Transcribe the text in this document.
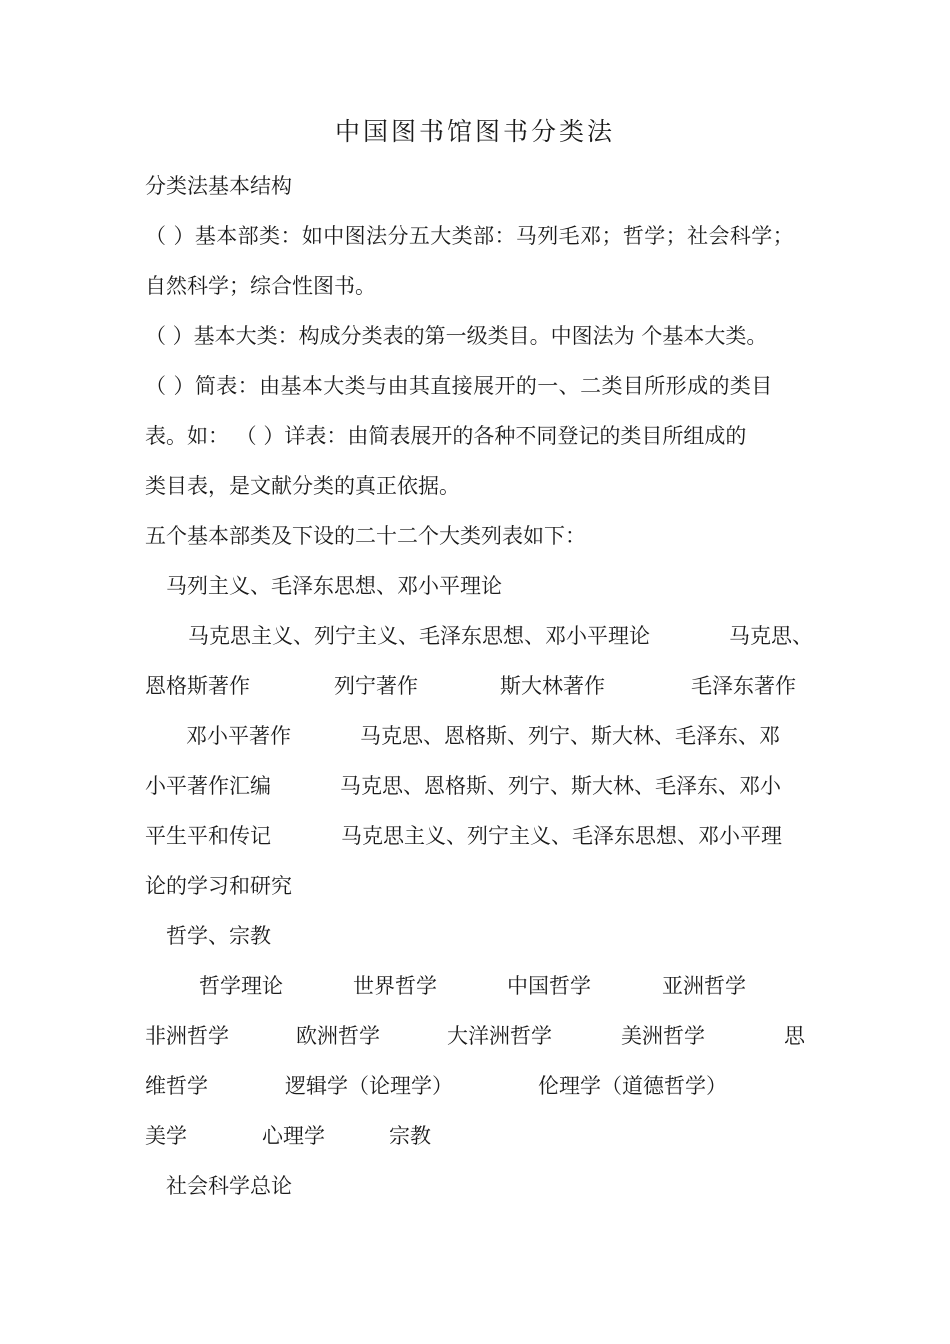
中国图书馆图书分类法
分类法基本结构
（ ）基本部类：如中图法分五大类部：马列毛邓；哲学；社会科学；
自然科学；综合性图书。
（ ）基本大类：构成分类表的第一级类目。中图法为 个基本大类。
（ ）简表：由基本大类与由其直接展开的一、二类目所形成的类目
表。如： （ ）详表：由简表展开的各种不同登记的类目所组成的
类目表，是文献分类的真正依据。
五个基本部类及下设的二十二个大类列表如下：
马列主义、毛泽东思想、邓小平理论
马克思主义、列宁主义、毛泽东思想、邓小平理论	马克思、
恩格斯著作	列宁著作	斯大林著作	毛泽东著作
邓小平著作	马克思、恩格斯、列宁、斯大林、毛泽东、邓
小平著作汇编	马克思、恩格斯、列宁、斯大林、毛泽东、邓小
平生平和传记	马克思主义、列宁主义、毛泽东思想、邓小平理
论的学习和研究
哲学、宗教
哲学理论	世界哲学	中国哲学	亚洲哲学
非洲哲学	欧洲哲学	大洋洲哲学	美洲哲学	思
维哲学	逻辑学（论理学）	伦理学（道德哲学）
美学	心理学	宗教
社会科学总论
